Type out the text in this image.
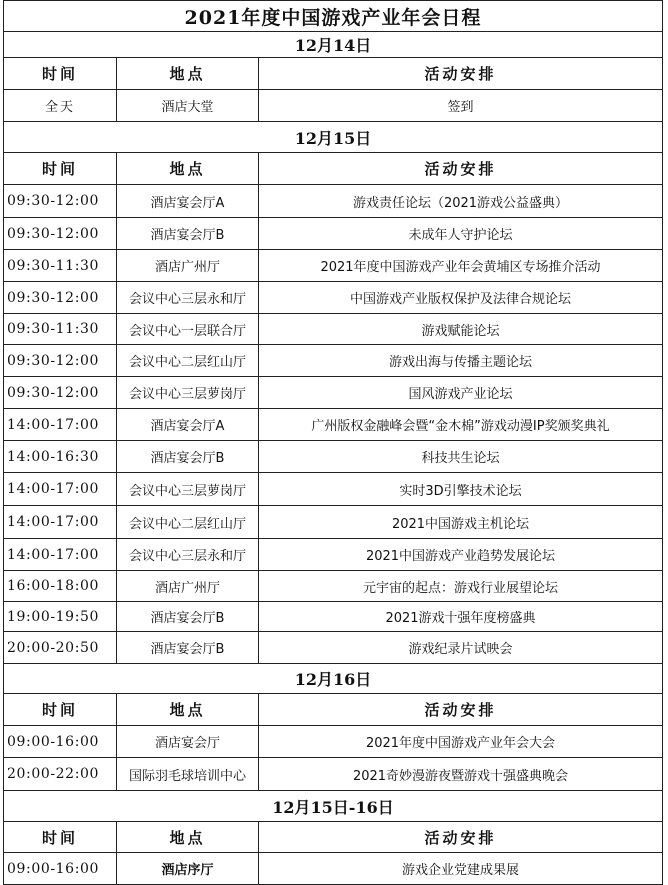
2021年度中国游戏产业年会日程
12月14日
时间	地点	活动安排
全天	酒店大堂	签到
12月15日
时间	地点	活动安排
09:30-12:00	酒店宴会厅A	游戏责任论坛（2021游戏公益盛典）
09:30-12:00	酒店宴会厅B	未成年人守护论坛
09:30-11:30	酒店广州厅	2021年度中国游戏产业年会黄埔区专场推介活动
09:30-12:00	会议中心三层永和厅	中国游戏产业版权保护及法律合规论坛
09:30-11:30	会议中心一层联合厅	游戏赋能论坛
09:30-12:00	会议中心二层红山厅	游戏出海与传播主题论坛
09:30-12:00	会议中心三层萝岗厅	国风游戏产业论坛
14:00-17:00	酒店宴会厅A	广州版权金融峰会暨“金木棉”游戏动漫IP奖颁奖典礼
14:00-16:30	酒店宴会厅B	科技共生论坛
14:00-17:00	会议中心三层萝岗厅	实时3D引擎技术论坛
14:00-17:00	会议中心二层红山厅	2021中国游戏主机论坛
14:00-17:00	会议中心三层永和厅	2021中国游戏产业趋势发展论坛
16:00-18:00	酒店广州厅	元宇宙的起点：游戏行业展望论坛
19:00-19:50	酒店宴会厅B	2021游戏十强年度榜盛典
20:00-20:50	酒店宴会厅B	游戏纪录片试映会
12月16日
时间	地点	活动安排
09:00-16:00	酒店宴会厅	2021年度中国游戏产业年会大会
20:00-22:00	国际羽毛球培训中心	2021奇妙漫游夜暨游戏十强盛典晚会
12月15日-16日
时间	地点	活动安排
09:00-16:00	酒店序厅	游戏企业党建成果展
